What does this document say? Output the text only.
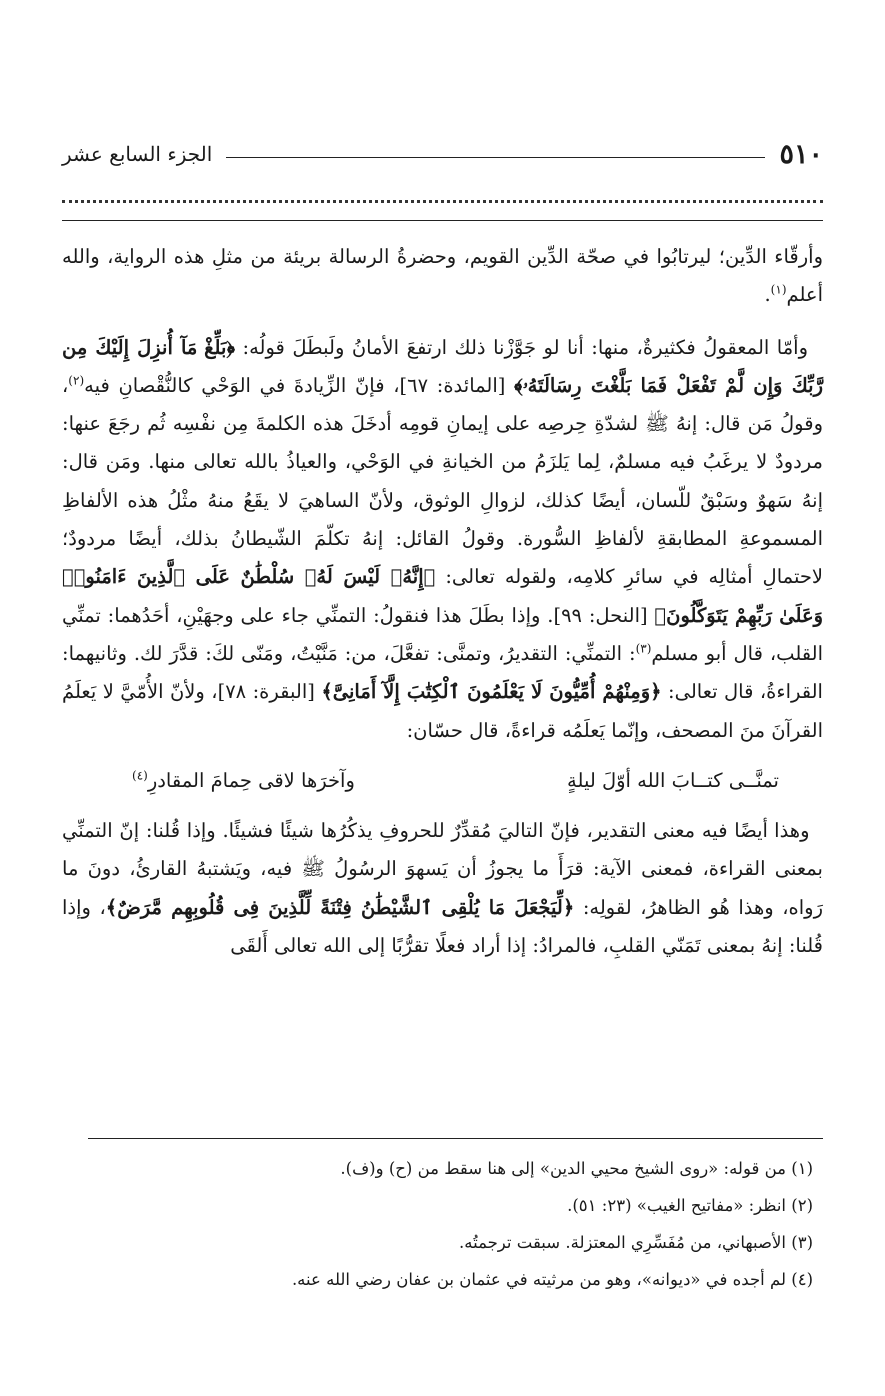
٥١٠
الجزء السابع عشر

وأرقّاء الدِّين؛ ليرتابُوا في صحّة الدِّين القويم، وحضرةُ الرسالة بريئة من مثلِ هذه الرواية، والله أعلم$^{(١)}$.

وأمّا المعقولُ فكثيرةٌ، منها: أنا لو جَوَّزْنا ذلك ارتفعَ الأمانُ ولَبطَلَ قولُه: ﴿بَلِّغْ مَآ أُنزِلَ إِلَيْكَ مِن رَّبِّكَ وَإِن لَّمْ تَفْعَلْ فَمَا بَلَّغْتَ رِسَالَتَهُۥ﴾ [المائدة: ٦٧]، فإنّ الزِّيادةَ في الوَحْي كالنُّقْصانِ فيه$^{(٢)}$، وقولُ مَن قال: إنهُ ﷺ لشدّةِ حِرصِه على إيمانِ قومِه أدخَلَ هذه الكلمةَ مِن نفْسِه ثُم رجَعَ عنها: مردودٌ لا يرغَبُ فيه مسلمٌ، لِما يَلزَمُ من الخيانةِ في الوَحْي، والعياذُ بالله تعالى منها. ومَن قال: إنهُ سَهوٌ وسَبْقٌ للّسان، أيضًا كذلك، لزوالِ الوثوق، ولأنّ الساهيَ لا يقَعُ منهُ مثْلُ هذه الألفاظِ المسموعةِ المطابقةِ لألفاظِ السُّورة. وقولُ القائل: إنهُ تكلّمَ الشّيطانُ بذلك، أيضًا مردودٌ؛ لاحتمالِ أمثالِه في سائرِ كلامِه، ولقوله تعالى: ﴿إِنَّهُۥ لَيْسَ لَهُۥ سُلْطَٰنٌ عَلَى ٱلَّذِينَ ءَامَنُوا۟ وَعَلَىٰ رَبِّهِمْ يَتَوَكَّلُونَ﴾ [النحل: ٩٩]. وإذا بطَلَ هذا فنقولُ: التمنِّي جاء على وجهَيْنِ، أحَدُهما: تمنِّي القلب، قال أبو مسلم$^{(٣)}$: التمنِّي: التقديرُ، وتمنَّى: تفعَّلَ، من: مَنَّيْتُ، ومَنّى لكَ: قدَّرَ لك. وثانيهما: القراءةُ، قال تعالى: ﴿وَمِنْهُمْ أُمِّيُّونَ لَا يَعْلَمُونَ ٱلْكِتَٰبَ إِلَّآ أَمَانِىَّ﴾ [البقرة: ٧٨]، ولأنّ الأُمّيَّ لا يَعلَمُ القرآنَ منَ المصحف، وإنّما يَعلَمُه قراءةً، قال حسّان:

تمنَّــى كتــابَ الله أوّلَ ليلةٍ
وآخرَها لاقى حِمامَ المقادرِ$^{(٤)}$

وهذا أيضًا فيه معنى التقدير، فإنّ التاليَ مُقدِّرٌ للحروفِ يذكُرُها شيئًا فشيئًا. وإذا قُلنا: إنّ التمنِّي بمعنى القراءة، فمعنى الآية: قرَأَ ما يجوزُ أن يَسهوَ الرسُولُ ﷺ فيه، ويَشتبهُ القارئُ، دونَ ما رَواه، وهذا هُو الظاهرُ، لقولِه: ﴿لِّيَجْعَلَ مَا يُلْقِى ٱلشَّيْطَٰنُ فِتْنَةً لِّلَّذِينَ فِى قُلُوبِهِم مَّرَضٌ﴾، وإذا قُلنا: إنهُ بمعنى تَمَنّي القلبِ، فالمرادُ: إذا أراد فعلًا تقرُّبًا إلى الله تعالى أَلقَى

(١) من قوله: «روى الشيخ محيي الدين» إلى هنا سقط من (ح) و(ف).

(٢) انظر: «مفاتيح الغيب» (٢٣: ٥١).

(٣) الأصبهاني، من مُفَسِّرِي المعتزلة. سبقت ترجمتُه.

(٤) لم أجده في «ديوانه»، وهو من مرثيته في عثمان بن عفان رضي الله عنه.
